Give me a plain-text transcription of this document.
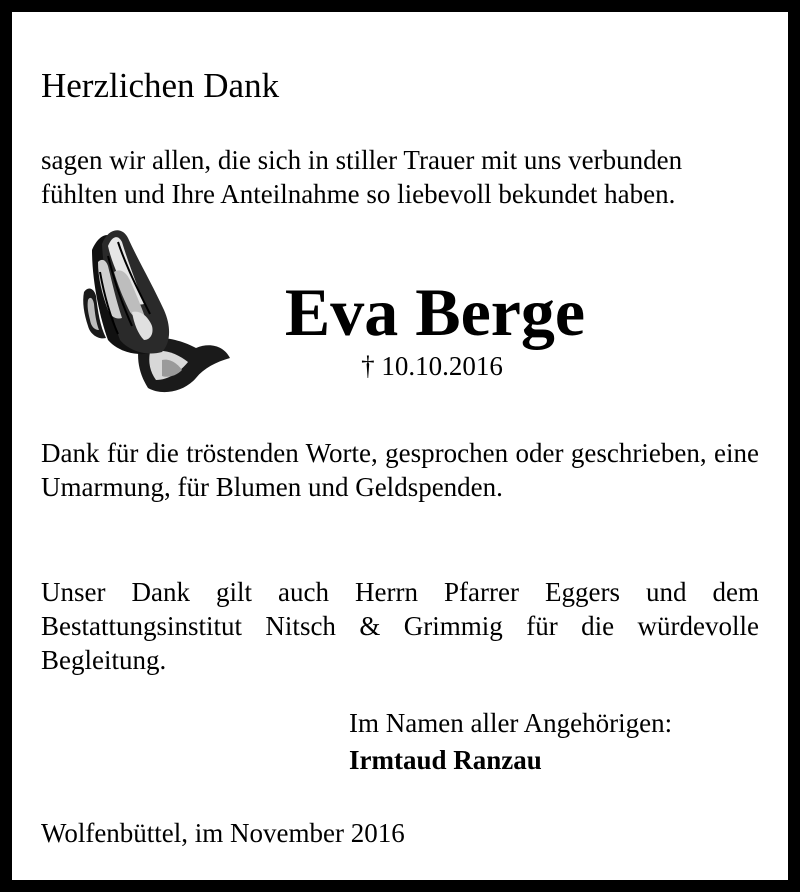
Herzlichen Dank
sagen wir allen, die sich in stiller Trauer mit uns verbunden
fühlten und Ihre Anteilnahme so liebevoll bekundet haben.
Eva Berge
† 10.10.2016

Dank für die tröstenden Worte, gesprochen oder geschrieben, eine Umarmung, für Blumen und Geldspenden.

Unser Dank gilt auch Herrn Pfarrer Eggers und dem Bestattungsinstitut Nitsch & Grimmig für die würdevolle Begleitung.

Im Namen aller Angehörigen:
Irmtaud Ranzau
Wolfenbüttel, im November 2016
